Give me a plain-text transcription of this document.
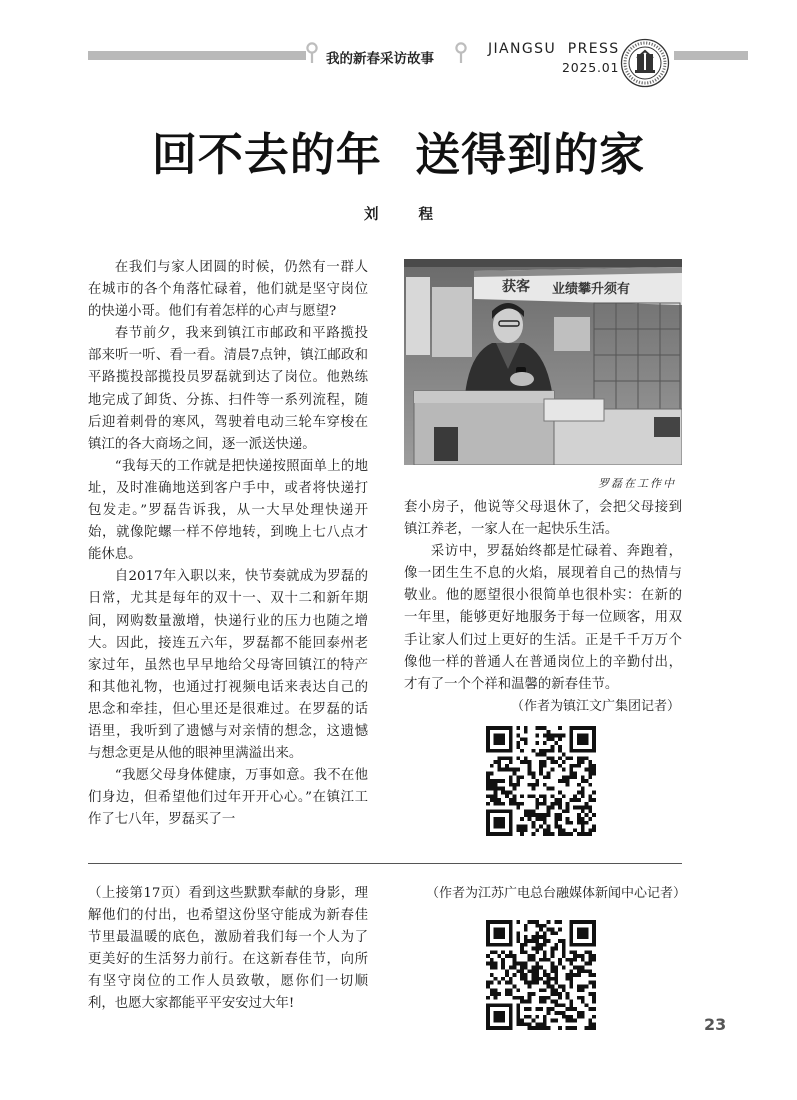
我的新春采访故事
JIANGSU  PRESS
2025.01
回不去的年  送得到的家
刘  程

在我们与家人团圆的时候，仍然有一群人在城市的各个角落忙碌着，他们就是坚守岗位的快递小哥。他们有着怎样的心声与愿望?

春节前夕，我来到镇江市邮政和平路揽投部来听一听、看一看。清晨7点钟，镇江邮政和平路揽投部揽投员罗磊就到达了岗位。他熟练地完成了卸货、分拣、扫件等一系列流程，随后迎着刺骨的寒风，驾驶着电动三轮车穿梭在镇江的各大商场之间，逐一派送快递。

“我每天的工作就是把快递按照面单上的地址，及时准确地送到客户手中，或者将快递打包发走。”罗磊告诉我，从一大早处理快递开始，就像陀螺一样不停地转，到晚上七八点才能休息。

自2017年入职以来，快节奏就成为罗磊的日常，尤其是每年的双十一、双十二和新年期间，网购数量激增，快递行业的压力也随之增大。因此，接连五六年，罗磊都不能回泰州老家过年，虽然也早早地给父母寄回镇江的特产和其他礼物，也通过打视频电话来表达自己的思念和牵挂，但心里还是很难过。在罗磊的话语里，我听到了遗憾与对亲情的想念，这遗憾与想念更是从他的眼神里满溢出来。

“我愿父母身体健康，万事如意。我不在他们身边，但希望他们过年开开心心。”在镇江工作了七八年，罗磊买了一

获客 业绩攀升须有
罗磊在工作中

套小房子，他说等父母退休了，会把父母接到镇江养老，一家人在一起快乐生活。

采访中，罗磊始终都是忙碌着、奔跑着，像一团生生不息的火焰，展现着自己的热情与敬业。他的愿望很小很简单也很朴实：在新的一年里，能够更好地服务于每一位顾客，用双手让家人们过上更好的生活。正是千千万万个像他一样的普通人在普通岗位上的辛勤付出，才有了一个个祥和温馨的新春佳节。

（作者为镇江文广集团记者）

（上接第17页）看到这些默默奉献的身影，理解他们的付出，也希望这份坚守能成为新春佳节里最温暖的底色，激励着我们每一个人为了更美好的生活努力前行。在这新春佳节，向所有坚守岗位的工作人员致敬，愿你们一切顺利，也愿大家都能平平安安过大年!

（作者为江苏广电总台融媒体新闻中心记者）
23
